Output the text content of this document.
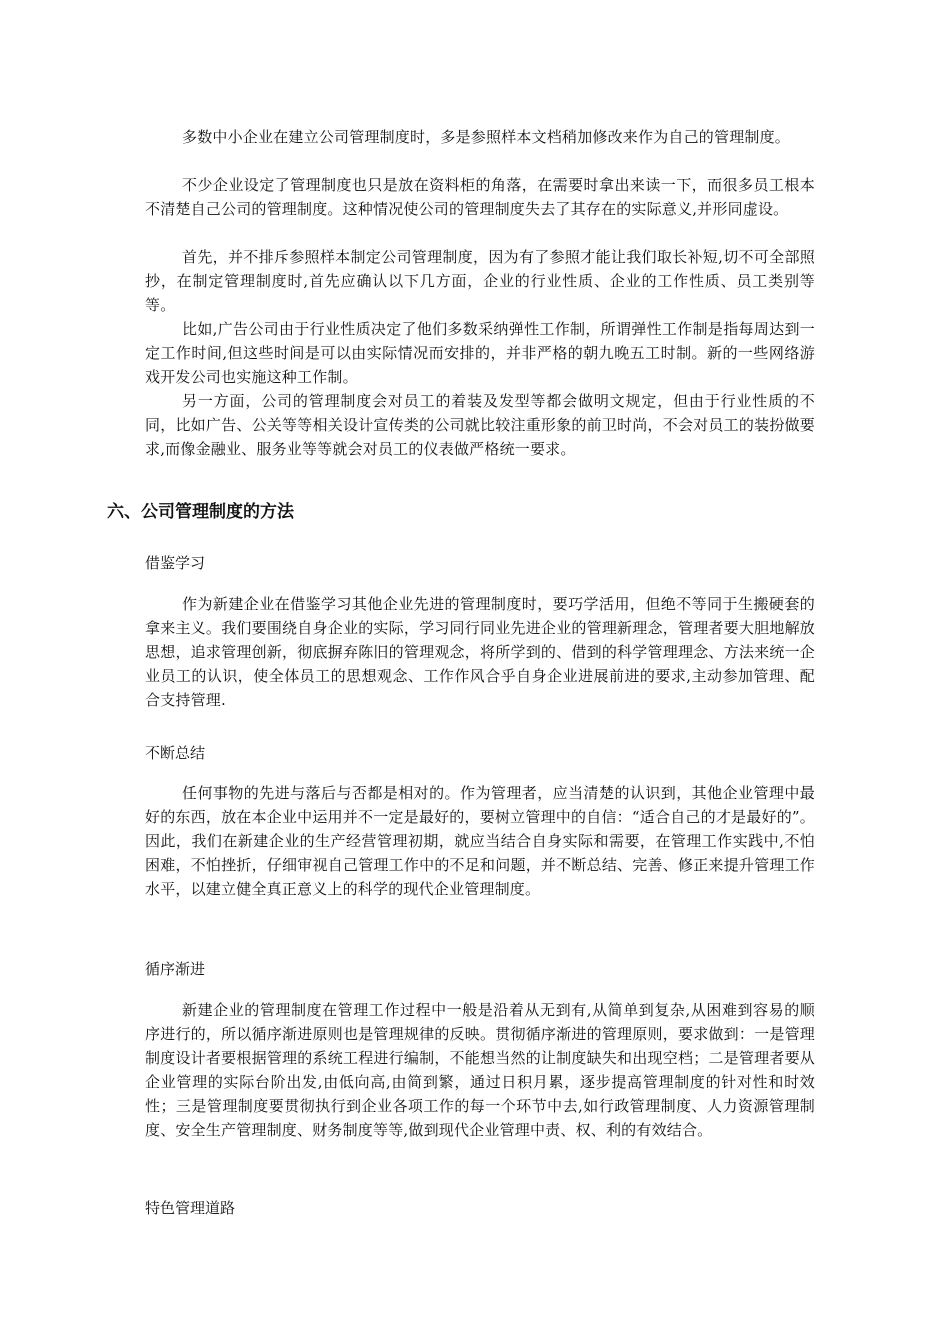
多数中小企业在建立公司管理制度时，多是参照样本文档稍加修改来作为自己的管理制度。

不少企业设定了管理制度也只是放在资料柜的角落，在需要时拿出来读一下，而很多员工根本不清楚自己公司的管理制度。这种情况使公司的管理制度失去了其存在的实际意义,并形同虚设。

首先，并不排斥参照样本制定公司管理制度，因为有了参照才能让我们取长补短,切不可全部照抄，在制定管理制度时,首先应确认以下几方面，企业的行业性质、企业的工作性质、员工类别等等。

比如,广告公司由于行业性质决定了他们多数采纳弹性工作制，所谓弹性工作制是指每周达到一定工作时间,但这些时间是可以由实际情况而安排的，并非严格的朝九晚五工时制。新的一些网络游戏开发公司也实施这种工作制。

另一方面，公司的管理制度会对员工的着装及发型等都会做明文规定，但由于行业性质的不同，比如广告、公关等等相关设计宣传类的公司就比较注重形象的前卫时尚，不会对员工的装扮做要求,而像金融业、服务业等等就会对员工的仪表做严格统一要求。

六、公司管理制度的方法
借鉴学习

作为新建企业在借鉴学习其他企业先进的管理制度时，要巧学活用，但绝不等同于生搬硬套的拿来主义。我们要围绕自身企业的实际，学习同行同业先进企业的管理新理念，管理者要大胆地解放思想，追求管理创新，彻底摒弃陈旧的管理观念，将所学到的、借到的科学管理理念、方法来统一企业员工的认识，使全体员工的思想观念、工作作风合乎自身企业进展前进的要求,主动参加管理、配合支持管理.

不断总结

任何事物的先进与落后与否都是相对的。作为管理者，应当清楚的认识到，其他企业管理中最好的东西，放在本企业中运用并不一定是最好的，要树立管理中的自信：“适合自己的才是最好的”。因此，我们在新建企业的生产经营管理初期，就应当结合自身实际和需要，在管理工作实践中,不怕困难，不怕挫折，仔细审视自己管理工作中的不足和问题，并不断总结、完善、修正来提升管理工作水平，以建立健全真正意义上的科学的现代企业管理制度。

循序渐进

新建企业的管理制度在管理工作过程中一般是沿着从无到有,从简单到复杂,从困难到容易的顺序进行的，所以循序渐进原则也是管理规律的反映。贯彻循序渐进的管理原则，要求做到：一是管理制度设计者要根据管理的系统工程进行编制，不能想当然的让制度缺失和出现空档；二是管理者要从企业管理的实际台阶出发,由低向高,由简到繁，通过日积月累，逐步提高管理制度的针对性和时效性；三是管理制度要贯彻执行到企业各项工作的每一个环节中去,如行政管理制度、人力资源管理制度、安全生产管理制度、财务制度等等,做到现代企业管理中责、权、利的有效结合。

特色管理道路
